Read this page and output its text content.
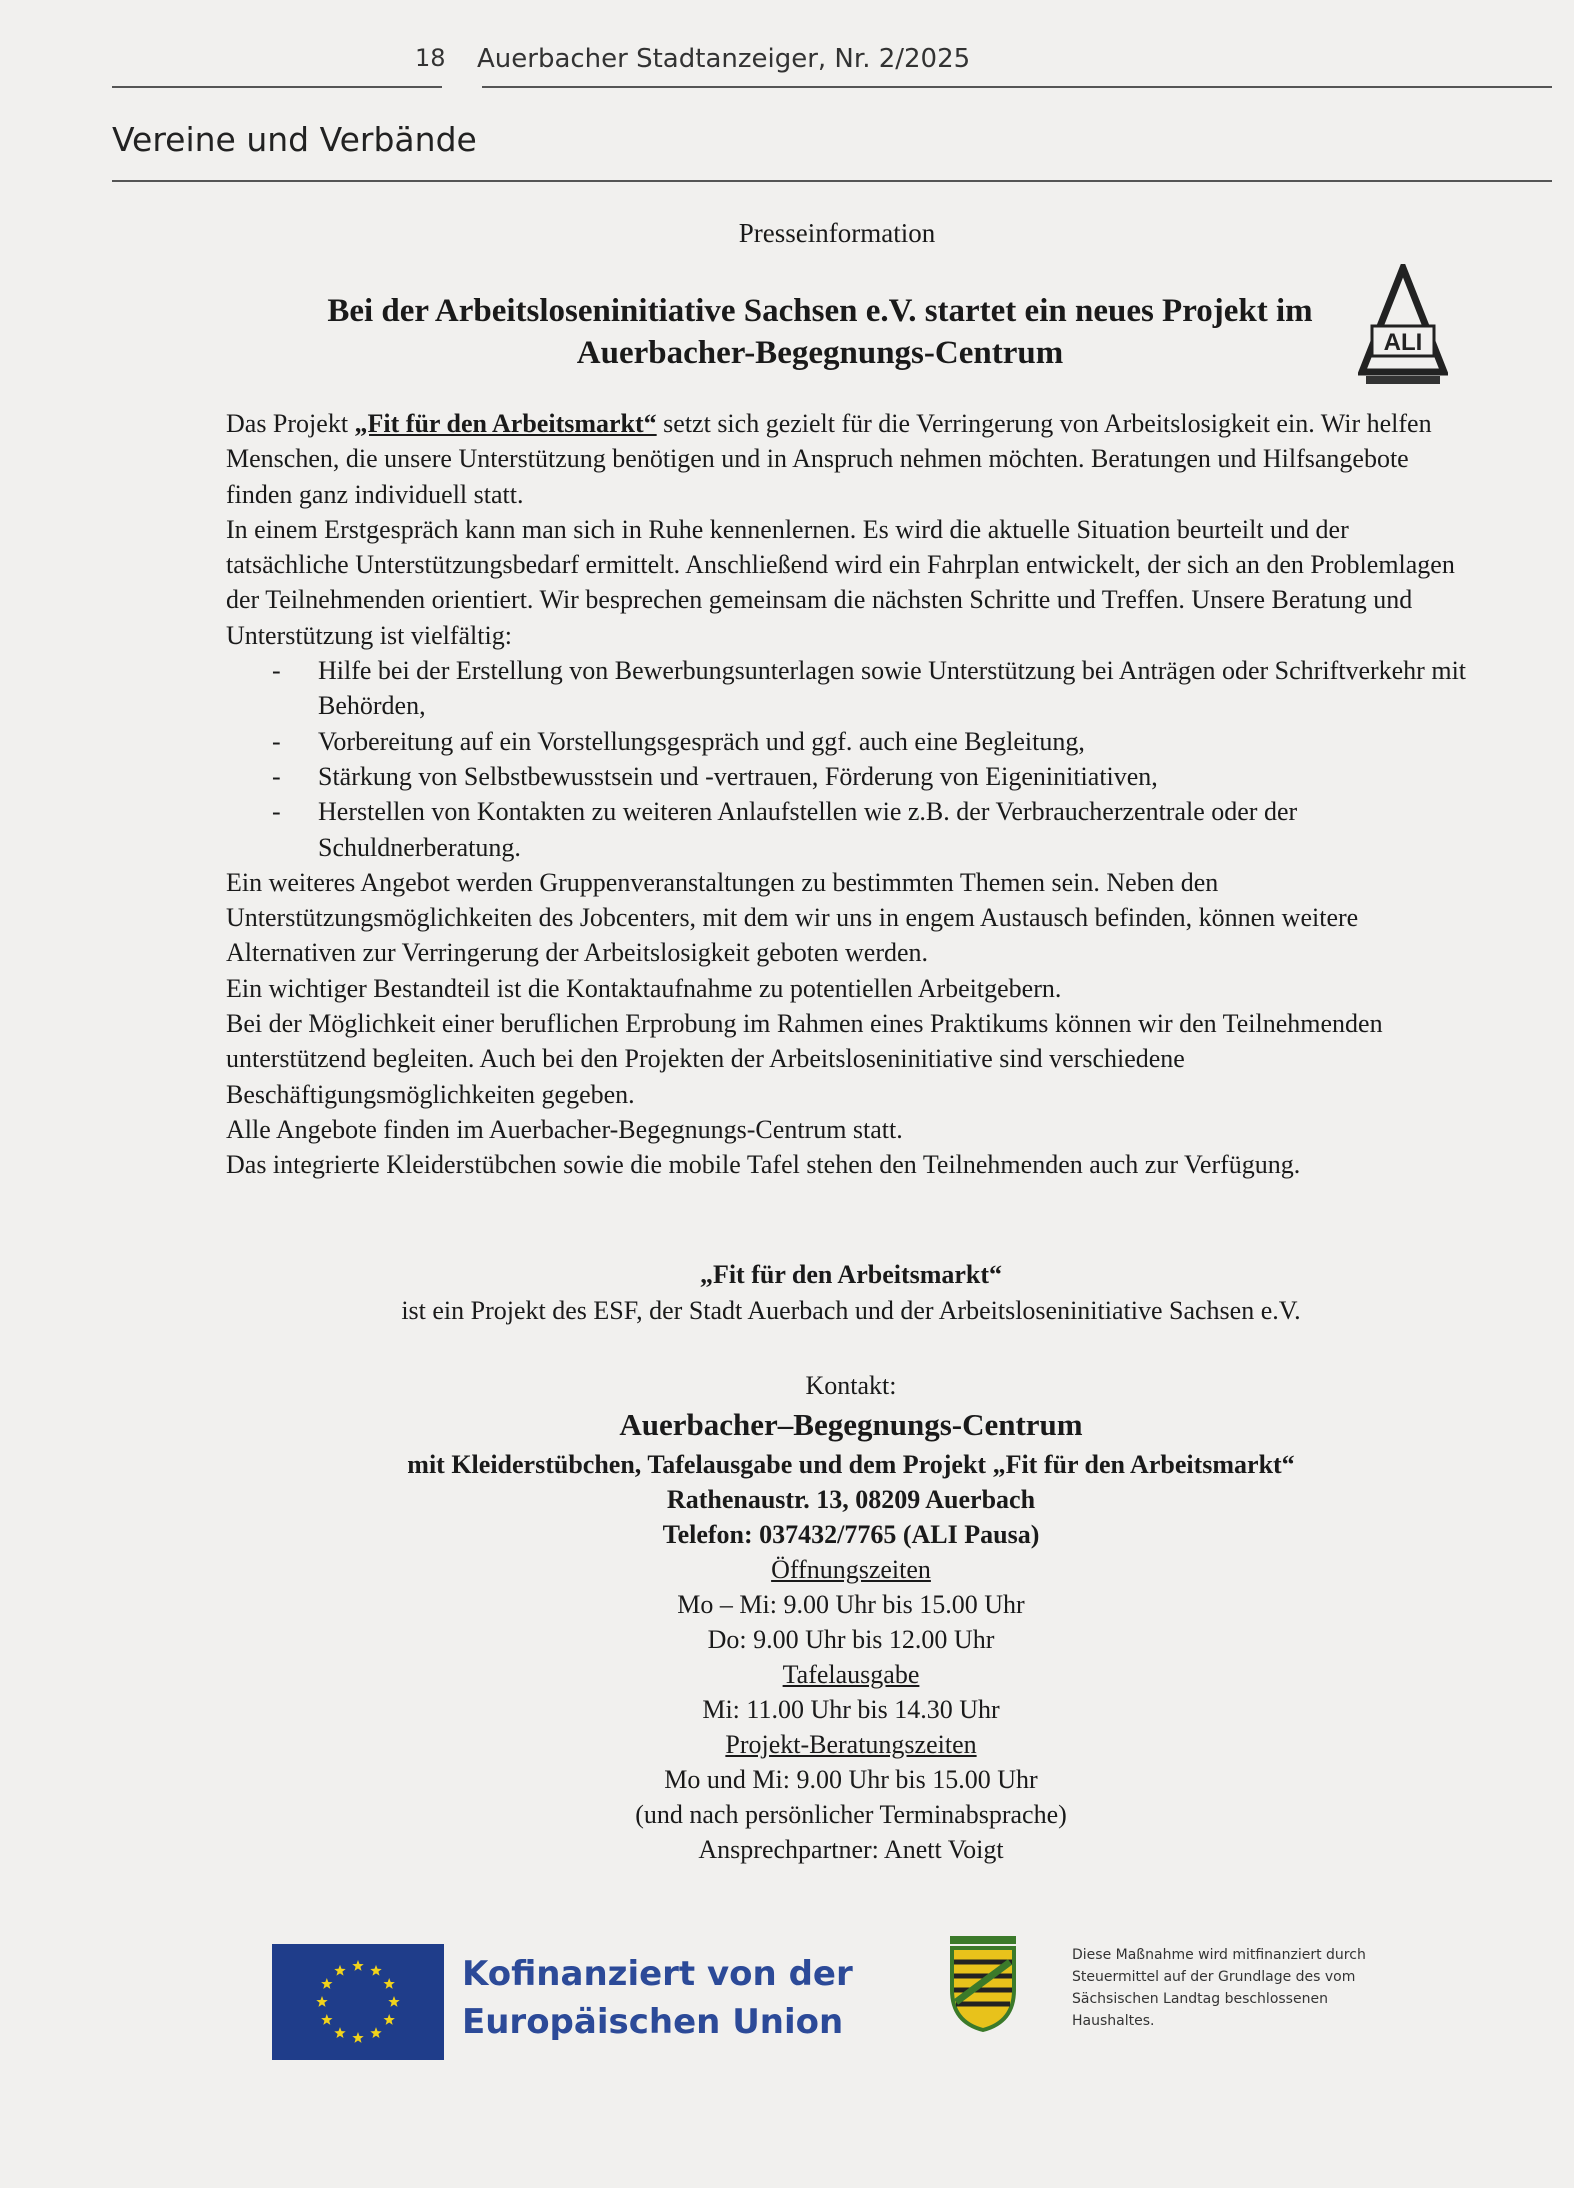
18 Auerbacher Stadtanzeiger, Nr. 2/2025
Vereine und Verbände
Presseinformation
Bei der Arbeitsloseninitiative Sachsen e.V. startet ein neues Projekt im
Auerbacher-Begegnungs-Centrum	ALI

Das Projekt „Fit für den Arbeitsmarkt“ setzt sich gezielt für die Verringerung von Arbeitslosigkeit ein. Wir helfen Menschen, die unsere Unterstützung benötigen und in Anspruch nehmen möchten. Beratungen und Hilfsangebote finden ganz individuell statt.

In einem Erstgespräch kann man sich in Ruhe kennenlernen. Es wird die aktuelle Situation beurteilt und der tatsächliche Unterstützungsbedarf ermittelt. Anschließend wird ein Fahrplan entwickelt, der sich an den Problemlagen der Teilnehmenden orientiert. Wir besprechen gemeinsam die nächsten Schritte und Treffen. Unsere Beratung und Unterstützung ist vielfältig:

- Hilfe bei der Erstellung von Bewerbungsunterlagen sowie Unterstützung bei Anträgen oder Schriftverkehr mit Behörden,
- Vorbereitung auf ein Vorstellungsgespräch und ggf. auch eine Begleitung,
- Stärkung von Selbstbewusstsein und -vertrauen, Förderung von Eigeninitiativen,
- Herstellen von Kontakten zu weiteren Anlaufstellen wie z.B. der Verbraucherzentrale oder der Schuldnerberatung.

Ein weiteres Angebot werden Gruppenveranstaltungen zu bestimmten Themen sein. Neben den Unterstützungsmöglichkeiten des Jobcenters, mit dem wir uns in engem Austausch befinden, können weitere Alternativen zur Verringerung der Arbeitslosigkeit geboten werden.

Ein wichtiger Bestandteil ist die Kontaktaufnahme zu potentiellen Arbeitgebern.

Bei der Möglichkeit einer beruflichen Erprobung im Rahmen eines Praktikums können wir den Teilnehmenden unterstützend begleiten. Auch bei den Projekten der Arbeitsloseninitiative sind verschiedene Beschäftigungsmöglichkeiten gegeben.

Alle Angebote finden im Auerbacher-Begegnungs-Centrum statt.

Das integrierte Kleiderstübchen sowie die mobile Tafel stehen den Teilnehmenden auch zur Verfügung.

„Fit für den Arbeitsmarkt“
ist ein Projekt des ESF, der Stadt Auerbach und der Arbeitsloseninitiative Sachsen e.V.
Kontakt:
Auerbacher–Begegnungs-Centrum
mit Kleiderstübchen, Tafelausgabe und dem Projekt „Fit für den Arbeitsmarkt“
Rathenaustr. 13, 08209 Auerbach
Telefon: 037432/7765 (ALI Pausa)
Öffnungszeiten
Mo – Mi: 9.00 Uhr bis 15.00 Uhr
Do: 9.00 Uhr bis 12.00 Uhr
Tafelausgabe
Mi: 11.00 Uhr bis 14.30 Uhr
Projekt-Beratungszeiten
Mo und Mi: 9.00 Uhr bis 15.00 Uhr
(und nach persönlicher Terminabsprache)
Ansprechpartner: Anett Voigt
Kofinanziert von der
Europäischen Union
Diese Maßnahme wird mitfinanziert durch Steuermittel auf der Grundlage des vom Sächsischen Landtag beschlossenen Haushaltes.
